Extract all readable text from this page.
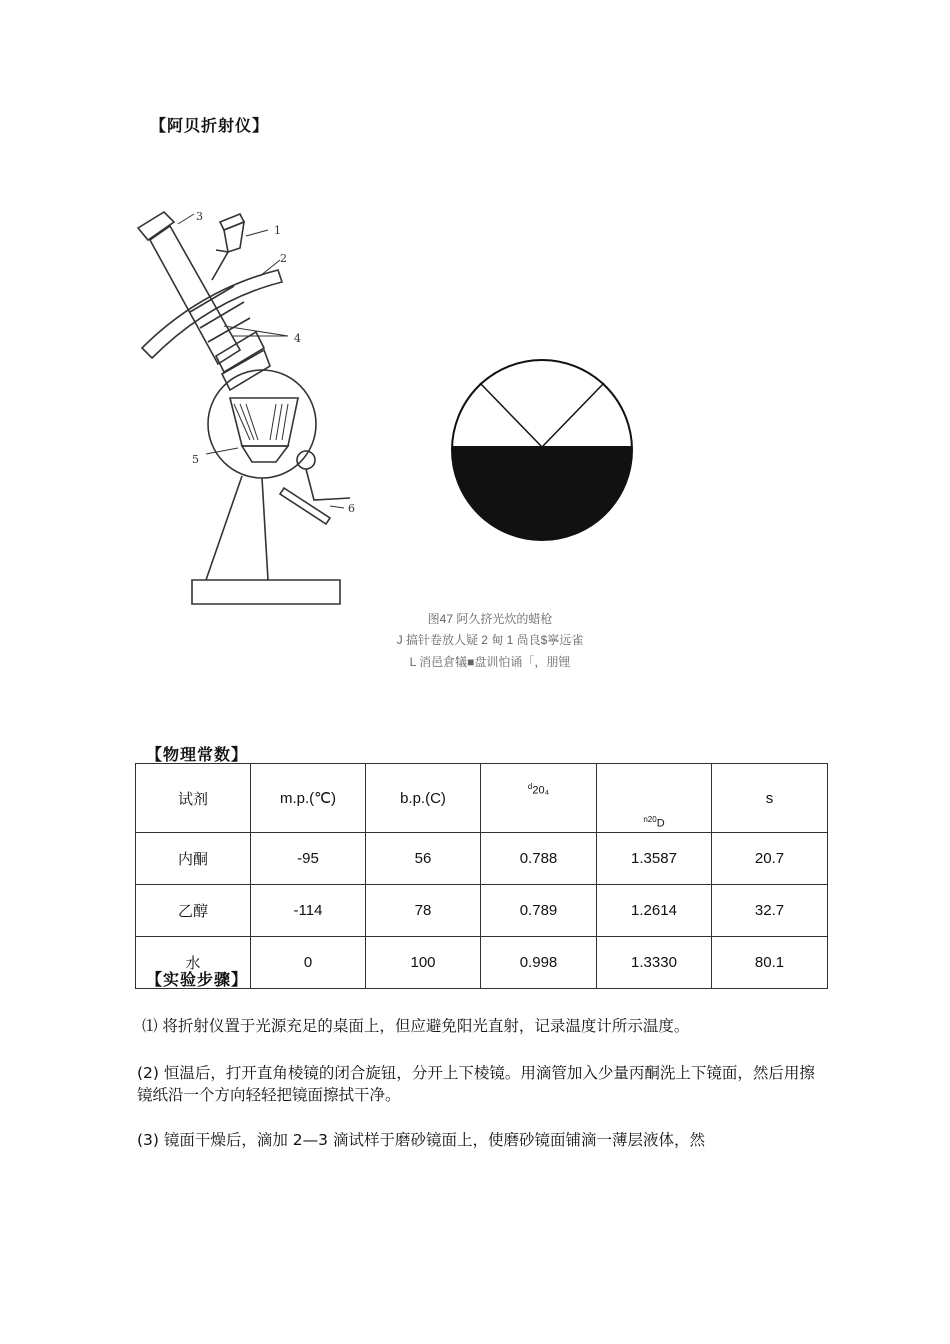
【阿贝折射仪】
1
2
3
4
5
6
图47 阿久挤光炊的蜡枪
J 搞针卷放人疑 2 甸 1 咼良$寧远雀
L 消邑倉犠■盘训怕诵「，朋锂
【物理常数】
试剂	m.p.(℃)	b.p.(C)	$^d$20₄	$^{n20}$D	s
内酮	-95	56	0.788	1.3587	20.7
乙醇	-114	78	0.789	1.2614	32.7
水	0	100	0.998	1.3330	80.1
【实验步骤】
⑴ 将折射仪置于光源充足的桌面上，但应避免阳光直射，记录温度计所示温度。
(2) 恒温后，打开直角棱镜的闭合旋钮，分开上下棱镜。用滴管加入少量丙酮洗上下镜面，然后用擦镜纸沿一个方向轻轻把镜面擦拭干净。
(3) 镜面干燥后，滴加 2—3 滴试样于磨砂镜面上，使磨砂镜面铺滴一薄层液体，然
